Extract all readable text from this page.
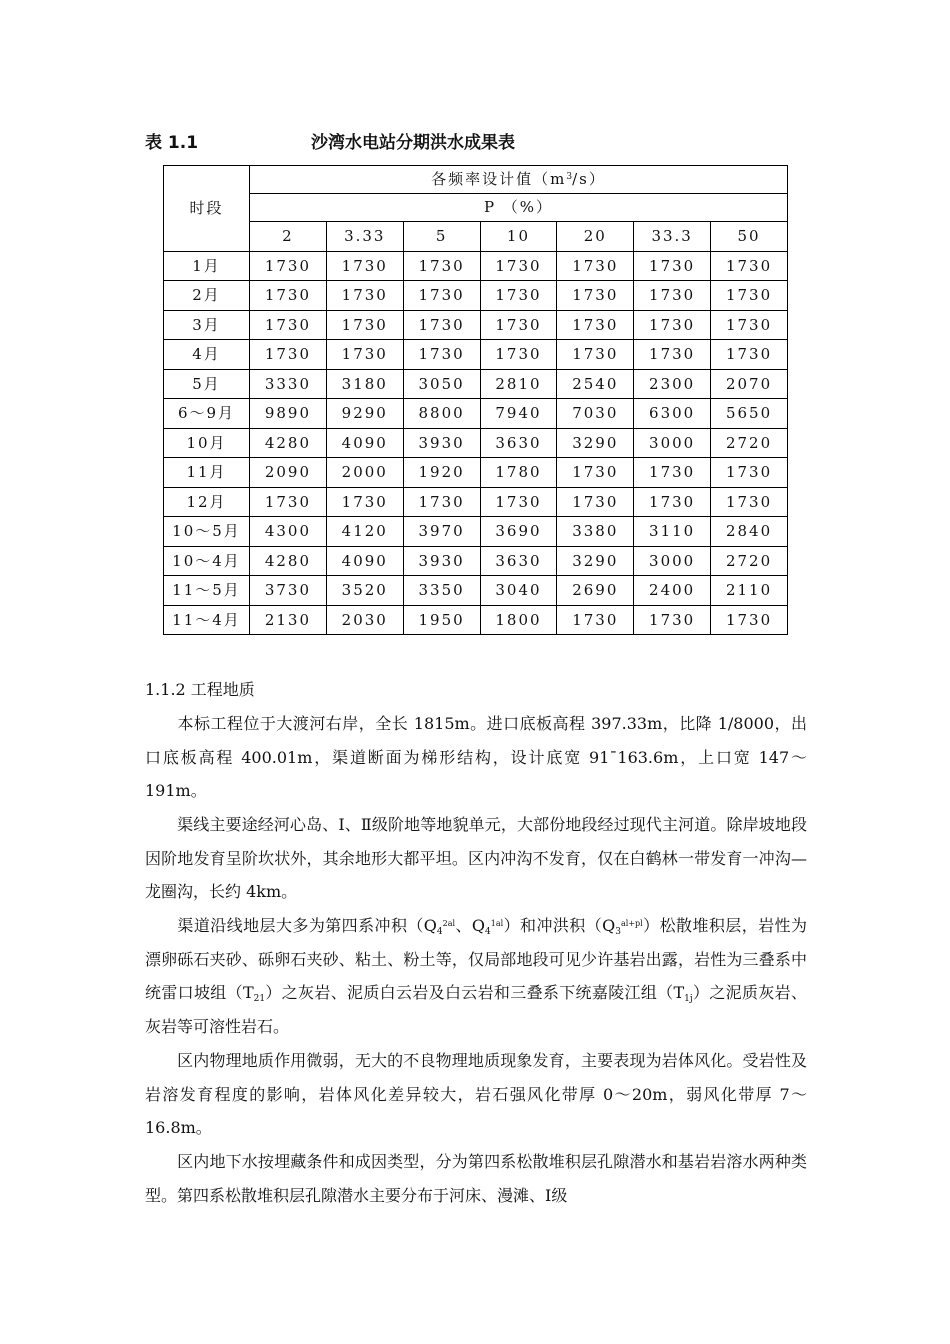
表 1.1	沙湾水电站分期洪水成果表
时段	各频率设计值$(m^3/s)$						
	P （%）						
	2	3.33	5	10	20	33.3	50
1月	1730	1730	1730	1730	1730	1730	1730
2月	1730	1730	1730	1730	1730	1730	1730
3月	1730	1730	1730	1730	1730	1730	1730
4月	1730	1730	1730	1730	1730	1730	1730
5月	3330	3180	3050	2810	2540	2300	2070
6～9月	9890	9290	8800	7940	7030	6300	5650
10月	4280	4090	3930	3630	3290	3000	2720
11月	2090	2000	1920	1780	1730	1730	1730
12月	1730	1730	1730	1730	1730	1730	1730
10～5月	4300	4120	3970	3690	3380	3110	2840
10～4月	4280	4090	3930	3630	3290	3000	2720
11～5月	3730	3520	3350	3040	2690	2400	2110
11～4月	2130	2030	1950	1800	1730	1730	1730
1.1.2 工程地质

本标工程位于大渡河右岸，全长 1815m。进口底板高程 397.33m，比降 1/8000，出口底板高程 400.01m，渠道断面为梯形结构，设计底宽 91¯163.6m，上口宽 147～191m。

渠线主要途经河心岛、Ⅰ、Ⅱ级阶地等地貌单元，大部份地段经过现代主河道。除岸坡地段因阶地发育呈阶坎状外，其余地形大都平坦。区内冲沟不发育，仅在白鹤林一带发育一冲沟—龙圈沟，长约 4km。

渠道沿线地层大多为第四系冲积（$Q_4^{2al}$、$Q_4^{1al}$）和冲洪积$(Q_3^{al+pl})$松散堆积层，岩性为漂卵砾石夹砂、砾卵石夹砂、粘土、粉土等，仅局部地段可见少许基岩出露，岩性为三叠系中统雷口坡组$(T_{21})$之灰岩、泥质白云岩及白云岩和三叠系下统嘉陵江组$(T_{1j})$之泥质灰岩、灰岩等可溶性岩石。

区内物理地质作用微弱，无大的不良物理地质现象发育，主要表现为岩体风化。受岩性及岩溶发育程度的影响，岩体风化差异较大，岩石强风化带厚 0～20m，弱风化带厚 7～16.8m。

区内地下水按埋藏条件和成因类型，分为第四系松散堆积层孔隙潜水和基岩岩溶水两种类型。第四系松散堆积层孔隙潜水主要分布于河床、漫滩、Ⅰ级
